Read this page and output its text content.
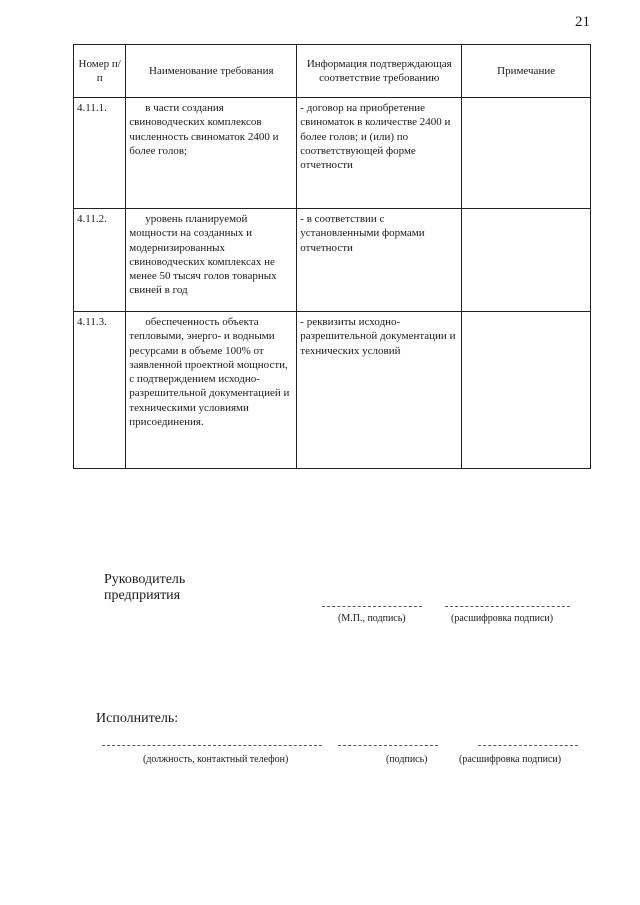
21
Номер п/п	Наименование требования	Информация подтверждающая соответствие требованию	Примечание
4.11.1.	в части создания свиноводческих комплексов численность свиноматок 2400 и более голов;	- договор на приобретение свиноматок в количестве 2400 и более голов; и (или) по соответствующей форме отчетности	
4.11.2.	уровень планируемой мощности на созданных и модернизированных свиноводческих комплексах не менее 50 тысяч голов товарных свиней в год	- в соответствии с установленными формами отчетности	
4.11.3.	обеспеченность объекта тепловыми, энерго- и водными ресурсами в объеме 100% от заявленной проектной мощности, с подтверждением исходно-разрешительной документацией и техническими условиями присоединения.	- реквизиты исходно-разрешительной документации и технических условий	
Руководитель предприятия
(М.П., подпись)	(расшифровка подписи)
Исполнитель:
(должность, контактный телефон)	(подпись)	(расшифровка подписи)
